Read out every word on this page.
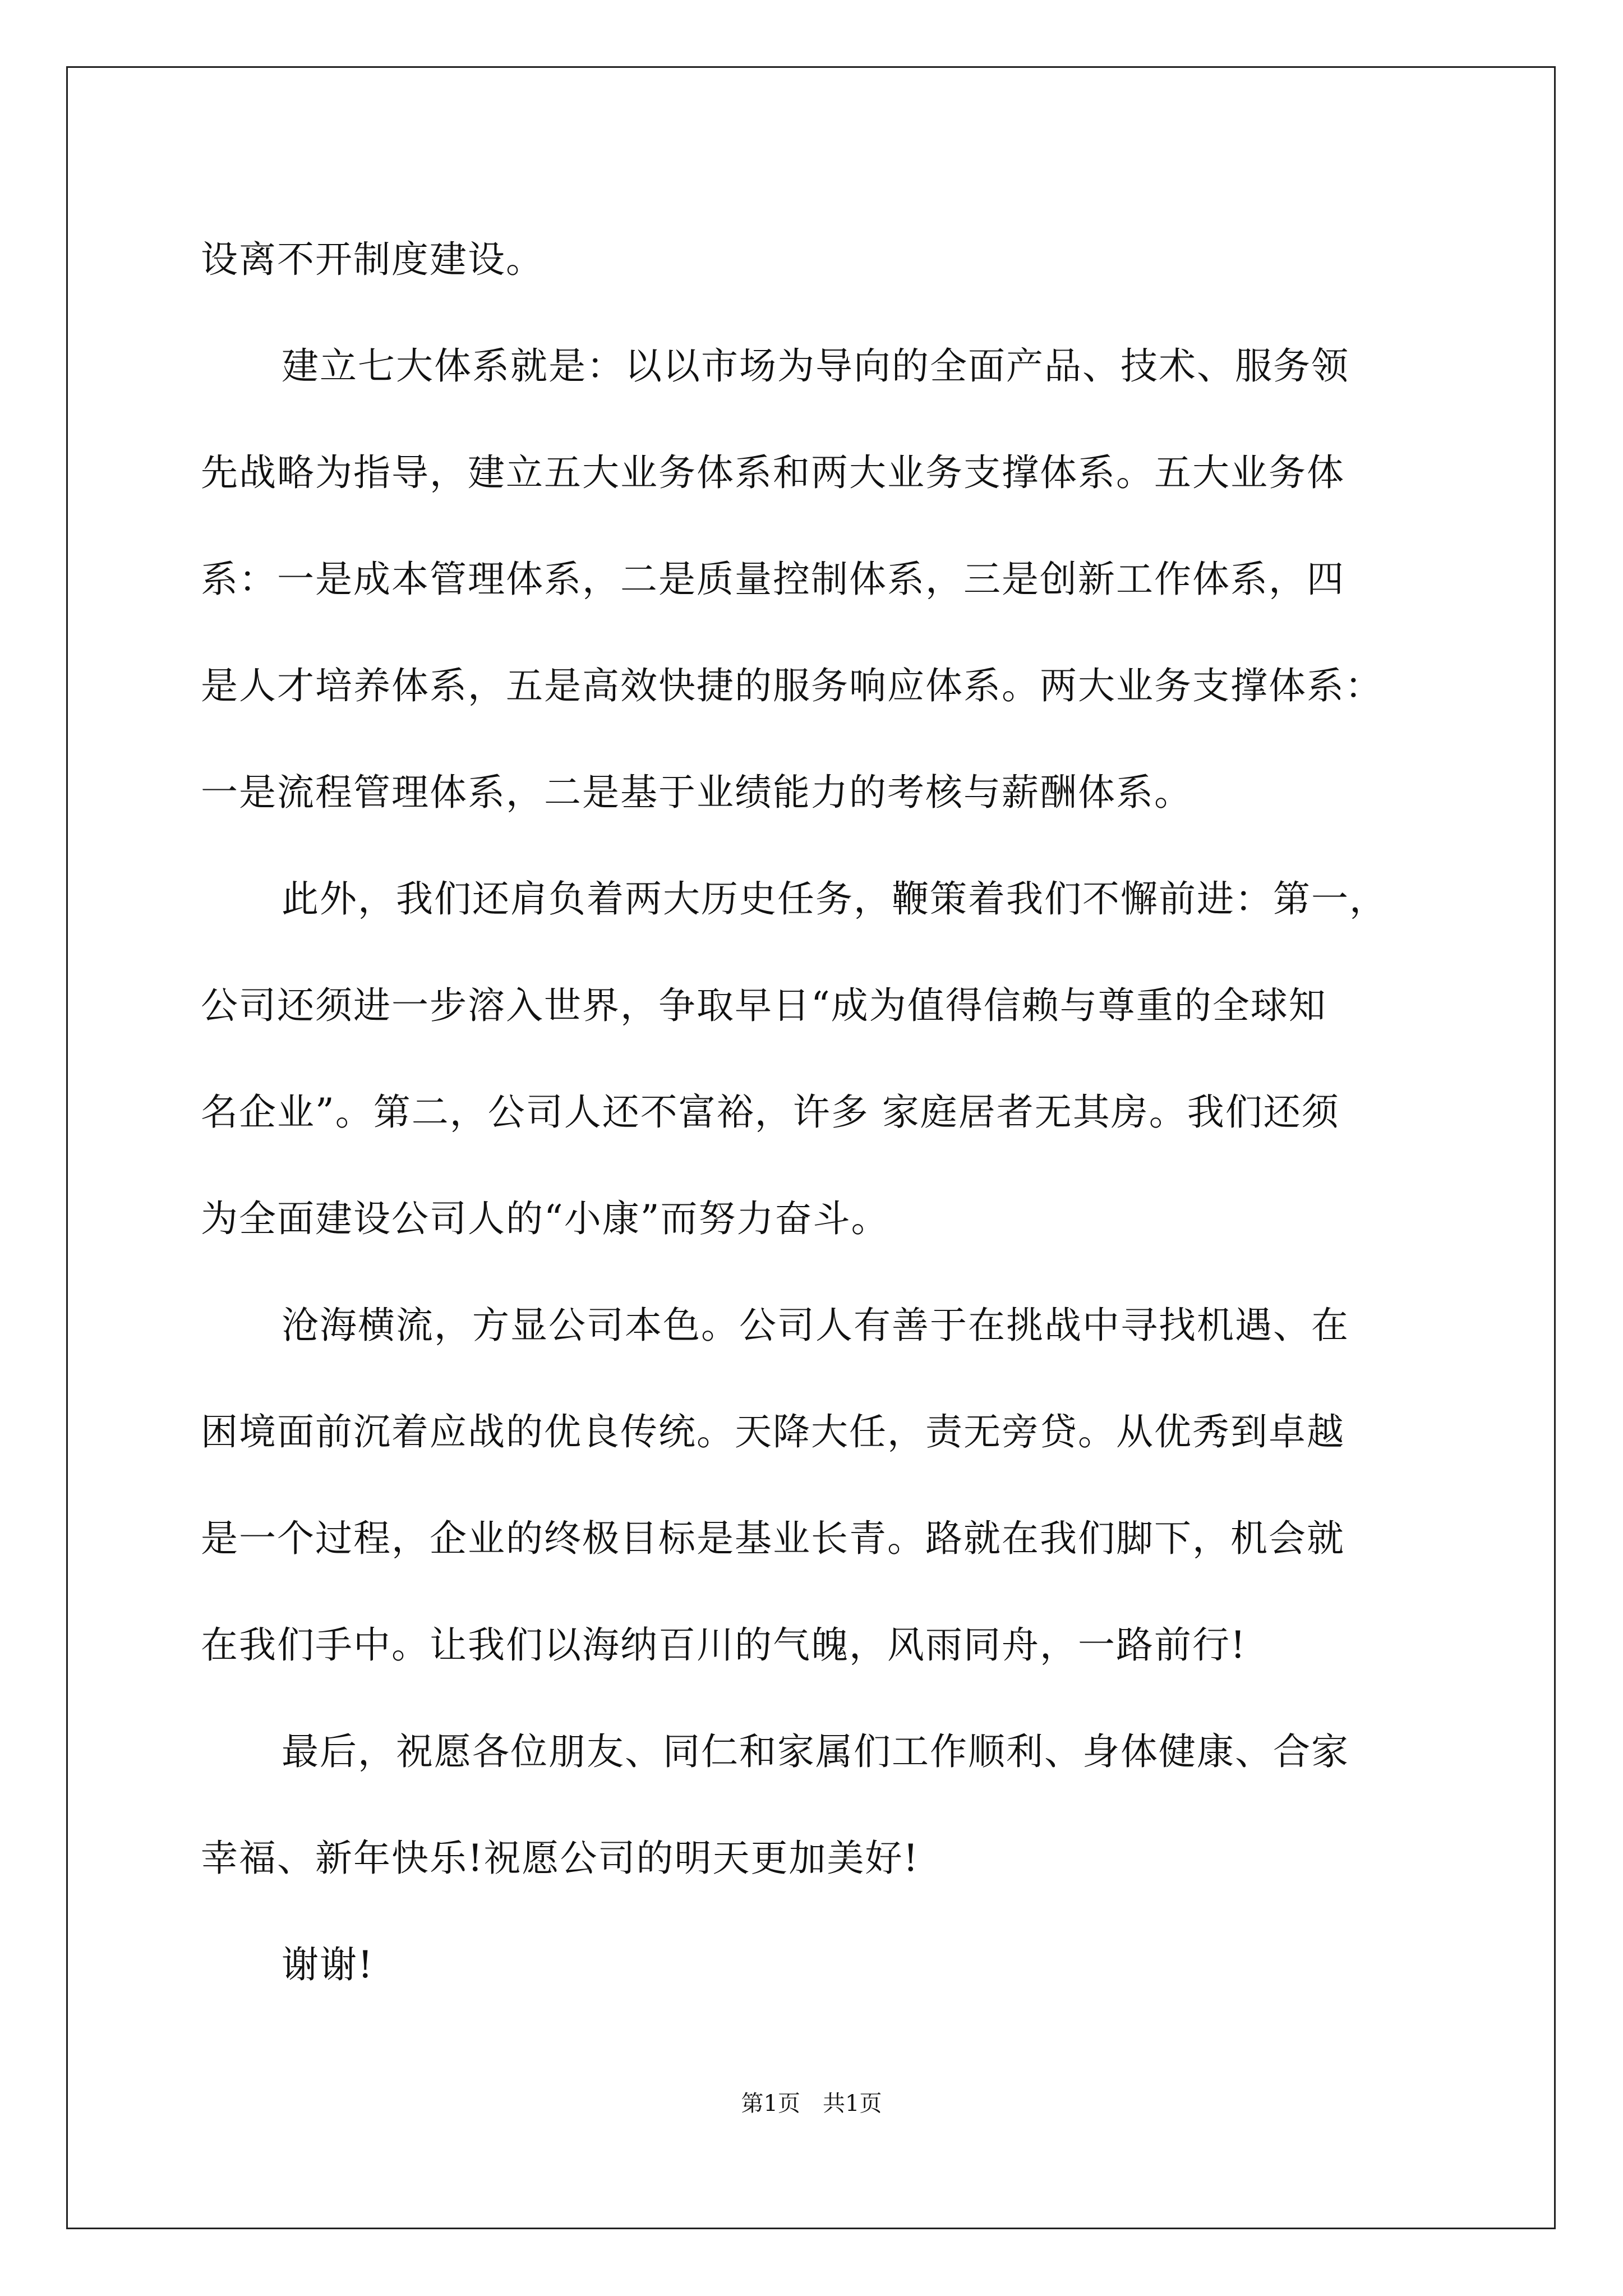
设离不开制度建设。
建立七大体系就是：以以市场为导向的全面产品、技术、服务领
先战略为指导，建立五大业务体系和两大业务支撑体系。五大业务体
系：一是成本管理体系，二是质量控制体系，三是创新工作体系，四
是人才培养体系，五是高效快捷的服务响应体系。两大业务支撑体系：
一是流程管理体系，二是基于业绩能力的考核与薪酬体系。
此外，我们还肩负着两大历史任务，鞭策着我们不懈前进：第一，
公司还须进一步溶入世界，争取早日“成为值得信赖与尊重的全球知
名企业”。第二，公司人还不富裕，许多 家庭居者无其房。我们还须
为全面建设公司人的“小康”而努力奋斗。
沧海横流，方显公司本色。公司人有善于在挑战中寻找机遇、在
困境面前沉着应战的优良传统。天降大任，责无旁贷。从优秀到卓越
是一个过程，企业的终极目标是基业长青。路就在我们脚下，机会就
在我们手中。让我们以海纳百川的气魄，风雨同舟，一路前行!
最后，祝愿各位朋友、同仁和家属们工作顺利、身体健康、合家
幸福、新年快乐!祝愿公司的明天更加美好!
谢谢!
第1页　共1页
